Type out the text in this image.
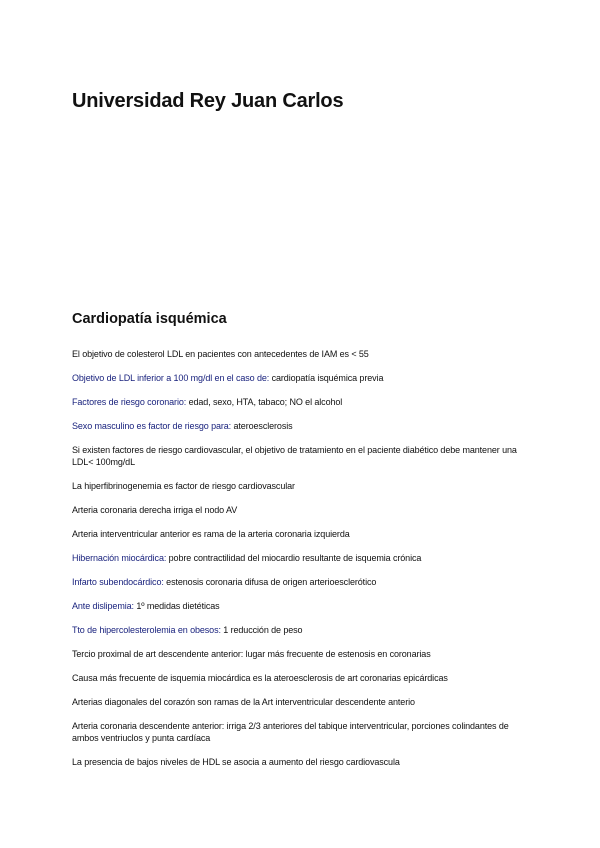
Universidad Rey Juan Carlos
Cardiopatía isquémica

El objetivo de colesterol LDL en pacientes con antecedentes de IAM es < 55

Objetivo de LDL inferior a 100 mg/dl en el caso de: cardiopatía isquémica previa

Factores de riesgo coronario: edad, sexo, HTA, tabaco; NO el alcohol

Sexo masculino es factor de riesgo para: ateroesclerosis

Si existen factores de riesgo cardiovascular, el objetivo de tratamiento en el paciente diabético debe mantener una LDL< 100mg/dL

La hiperfibrinogenemia es factor de riesgo cardiovascular

Arteria coronaria derecha irriga el nodo AV

Arteria interventricular anterior es rama de la arteria coronaria izquierda

Hibernación miocárdica: pobre contractilidad del miocardio resultante de isquemia crónica

Infarto subendocárdico: estenosis coronaria difusa de origen arterioesclerótico

Ante dislipemia: 1º medidas dietéticas

Tto de hipercolesterolemia en obesos: 1 reducción de peso

Tercio proximal de art descendente anterior: lugar más frecuente de estenosis en coronarias

Causa más frecuente de isquemia miocárdica es la ateroesclerosis de art coronarias epicárdicas

Arterias diagonales del corazón son ramas de la Art interventricular descendente anterio

Arteria coronaria descendente anterior: irriga 2/3 anteriores del tabique interventricular, porciones colindantes de ambos ventriuclos y punta cardíaca

La presencia de bajos niveles de HDL se asocia a aumento del riesgo cardiovascula
